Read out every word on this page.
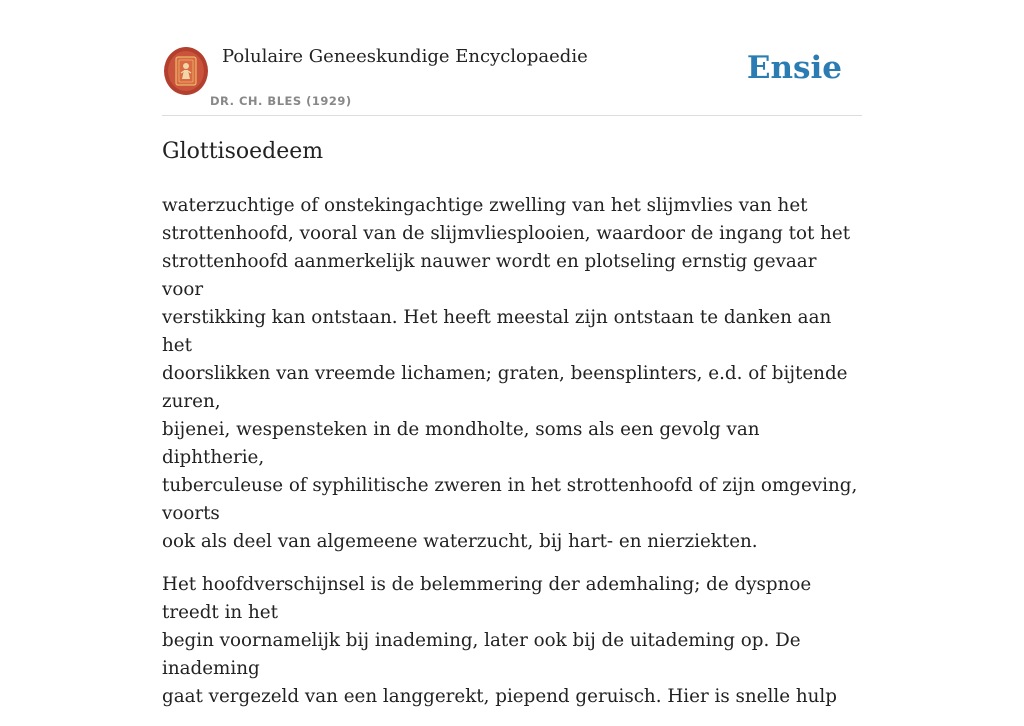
Polulaire Geneeskundige Encyclopaedie
DR. CH. BLES (1929)
Ensie
Glottisoedeem

waterzuchtige of onstekingachtige zwelling van het slijmvlies van het
strottenhoofd, vooral van de slijmvliesplooien, waardoor de ingang tot het
strottenhoofd aanmerkelijk nauwer wordt en plotseling ernstig gevaar voor
verstikking kan ontstaan. Het heeft meestal zijn ontstaan te danken aan het
doorslikken van vreemde lichamen; graten, beensplinters, e.d. of bijtende zuren,
bijenei, wespensteken in de mondholte, soms als een gevolg van diphtherie,
tuberculeuse of syphilitische zweren in het strottenhoofd of zijn omgeving, voorts
ook als deel van algemeene waterzucht, bij hart- en nierziekten.

Het hoofdverschijnsel is de belemmering der ademhaling; de dyspnoe treedt in het
begin voornamelijk bij inademing, later ook bij de uitademing op. De inademing
gaat vergezeld van een langgerekt, piepend geruisch. Hier is snelle hulp
